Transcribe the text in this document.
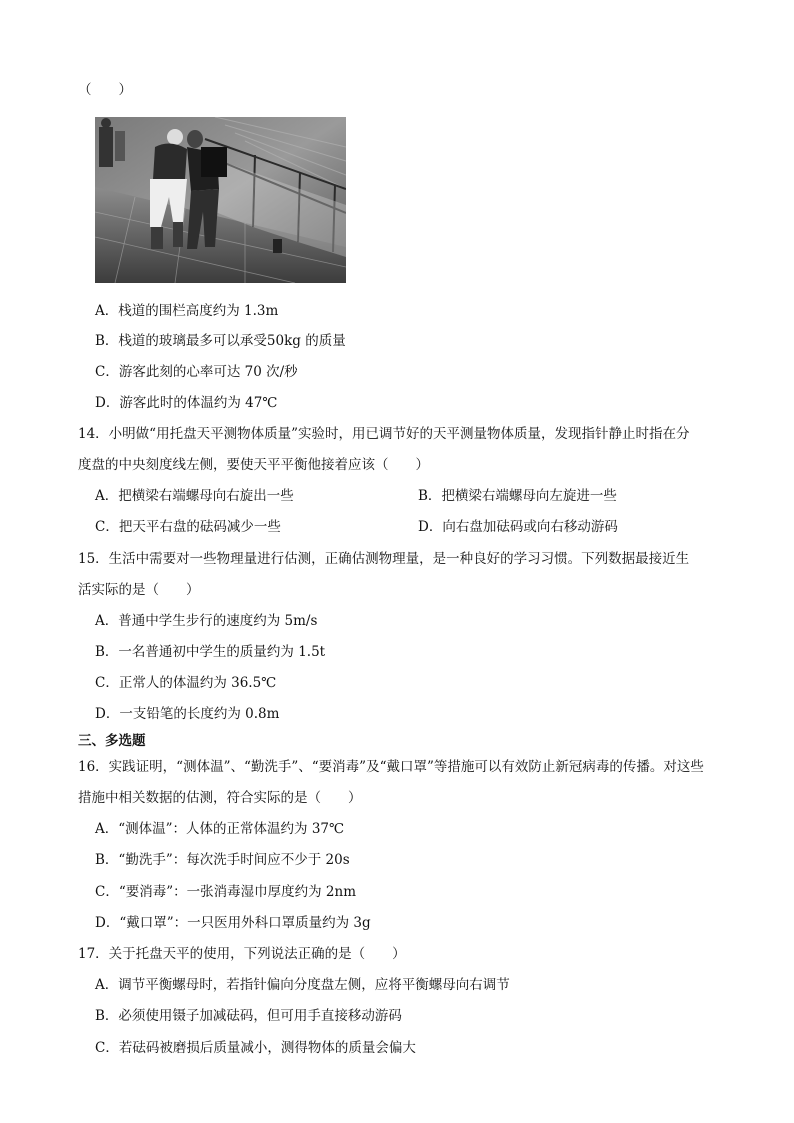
（　　）
A．栈道的围栏高度约为 1.3m
B．栈道的玻璃最多可以承受50kg 的质量
C．游客此刻的心率可达 70 次/秒
D．游客此时的体温约为 47℃
14．小明做“用托盘天平测物体质量”实验时，用已调节好的天平测量物体质量，发现指针静止时指在分
度盘的中央刻度线左侧，要使天平平衡他接着应该（　　）
A．把横梁右端螺母向右旋出一些	B．把横梁右端螺母向左旋进一些
C．把天平右盘的砝码减少一些	D．向右盘加砝码或向右移动游码
15．生活中需要对一些物理量进行估测，正确估测物理量，是一种良好的学习习惯。下列数据最接近生
活实际的是（　　）
A．普通中学生步行的速度约为 5m/s
B．一名普通初中学生的质量约为 1.5t
C．正常人的体温约为 36.5℃
D．一支铅笔的长度约为 0.8m
三、多选题
16．实践证明，“测体温”、“勤洗手”、“要消毒”及“戴口罩”等措施可以有效防止新冠病毒的传播。对这些
措施中相关数据的估测，符合实际的是（　　）
A．“测体温”：人体的正常体温约为 37℃
B．“勤洗手”：每次洗手时间应不少于 20s
C．“要消毒”：一张消毒湿巾厚度约为 2nm
D．“戴口罩”：一只医用外科口罩质量约为 3g
17．关于托盘天平的使用，下列说法正确的是（　　）
A．调节平衡螺母时，若指针偏向分度盘左侧，应将平衡螺母向右调节
B．必须使用镊子加减砝码，但可用手直接移动游码
C．若砝码被磨损后质量减小，测得物体的质量会偏大
